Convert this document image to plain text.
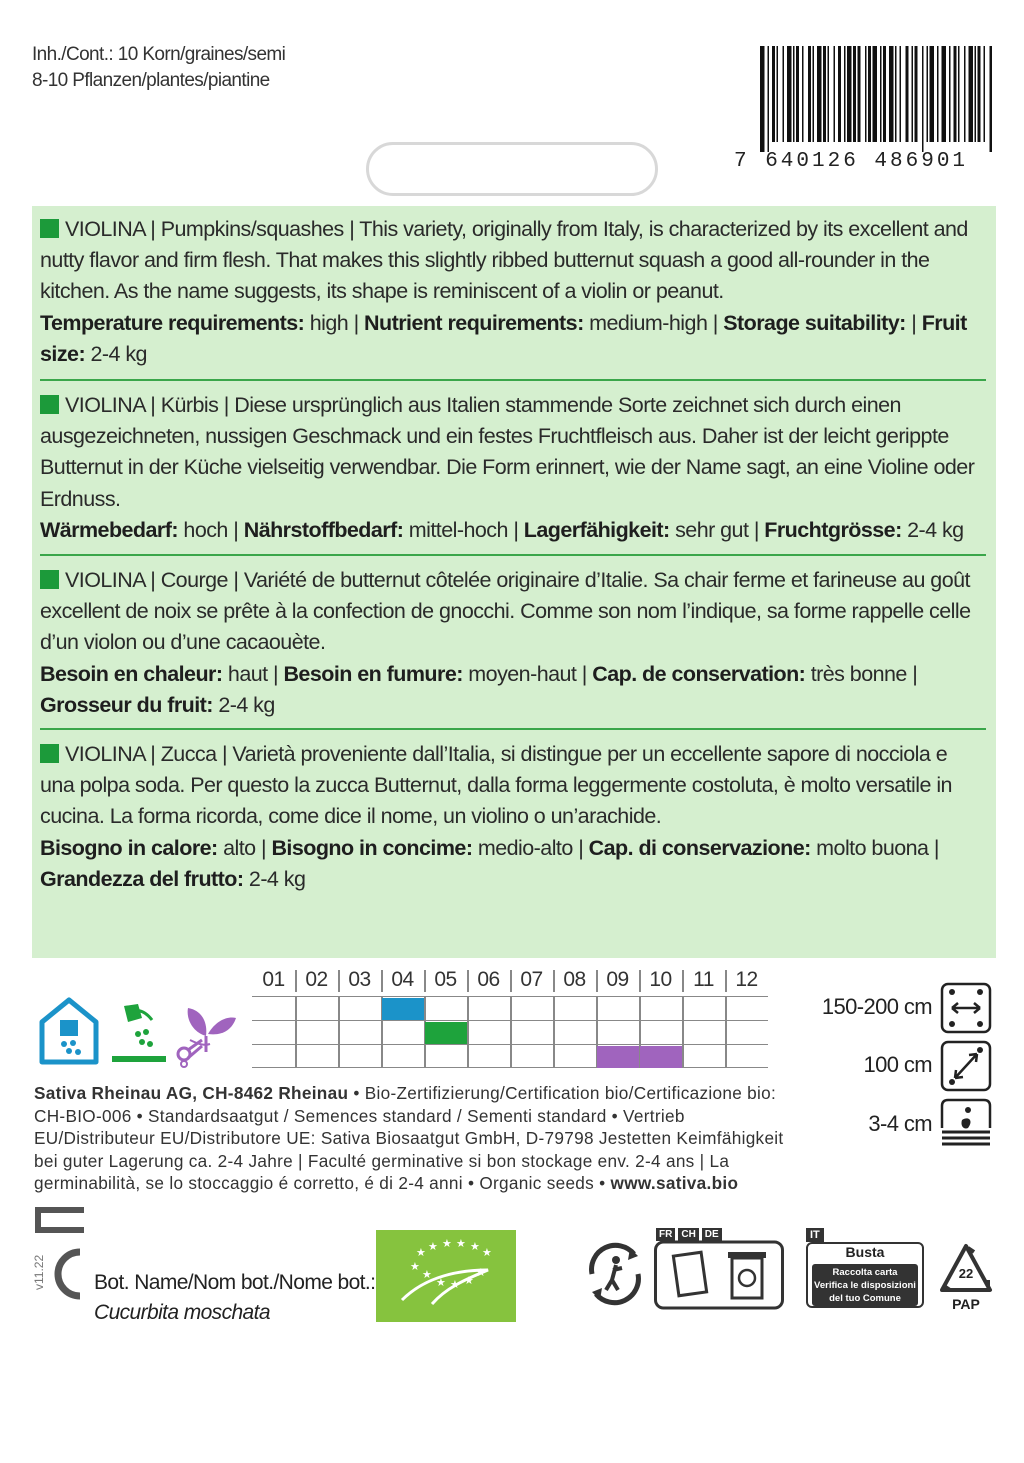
Inh./Cont.: 10 Korn/graines/semi
8-10 Pflanzen/plantes/piantine
7 640126 486901
VIOLINA | Pumpkins/squashes | This variety, originally from Italy, is characterized by its excellent and nutty flavor and firm flesh. That makes this slightly ribbed butternut squash a good all-rounder in the kitchen. As the name suggests, its shape is reminiscent of a violin or peanut.
Temperature requirements: high | Nutrient requirements: medium-high | Storage suitability: | Fruit size: 2-4 kg
VIOLINA | Kürbis | Diese ursprünglich aus Italien stammende Sorte zeichnet sich durch einen ausgezeichneten, nussigen Geschmack und ein festes Fruchtfleisch aus. Daher ist der leicht gerippte Butternut in der Küche vielseitig verwendbar. Die Form erinnert, wie der Name sagt, an eine Violine oder Erdnuss.
Wärmebedarf: hoch | Nährstoffbedarf: mittel-hoch | Lagerfähigkeit: sehr gut | Fruchtgrösse: 2-4 kg
VIOLINA | Courge | Variété de butternut côtelée originaire d’Italie. Sa chair ferme et farineuse au goût excellent de noix se prête à la confection de gnocchi. Comme son nom l’indique, sa forme rappelle celle d’un violon ou d’une cacaouète.
Besoin en chaleur: haut | Besoin en fumure: moyen-haut | Cap. de conservation: très bonne | Grosseur du fruit: 2-4 kg
VIOLINA | Zucca | Varietà proveniente dall’Italia, si distingue per un eccellente sapore di nocciola e una polpa soda. Per questo la zucca Butternut, dalla forma leggermente costoluta, è molto versatile in cucina. La forma ricorda, come dice il nome, un violino o un’arachide.
Bisogno in calore: alto | Bisogno in concime: medio-alto | Cap. di conservazione: molto buona | Grandezza del frutto: 2-4 kg
01 02 03 04 05 06 07 08 09 10	11	12
150-200 cm
100 cm
3-4 cm
Sativa Rheinau AG, CH-8462 Rheinau • Bio-Zertifizierung/Certification bio/Certificazione bio: CH-BIO-006 • Standardsaatgut / Semences standard / Sementi standard • Vertrieb EU/Distributeur EU/Distributore UE: Sativa Biosaatgut GmbH, D-79798 Jestetten Keimfähigkeit bei guter Lagerung ca. 2-4 Jahre | Faculté germinative si bon stockage env. 2-4 ans | La germinabilità, se lo stoccaggio é corretto, é di 2-4 anni • Organic seeds • www.sativa.bio
v11.22 Bot. Name/Nom bot./Nome bot.:
Cucurbita moschata
★ ★ ★ ★ ★ ★
★
★
★ ★ ★
★
FR CH DE	IT
Busta
Raccolta carta
Verifica le disposizioni
del tuo Comune
22
PAP
